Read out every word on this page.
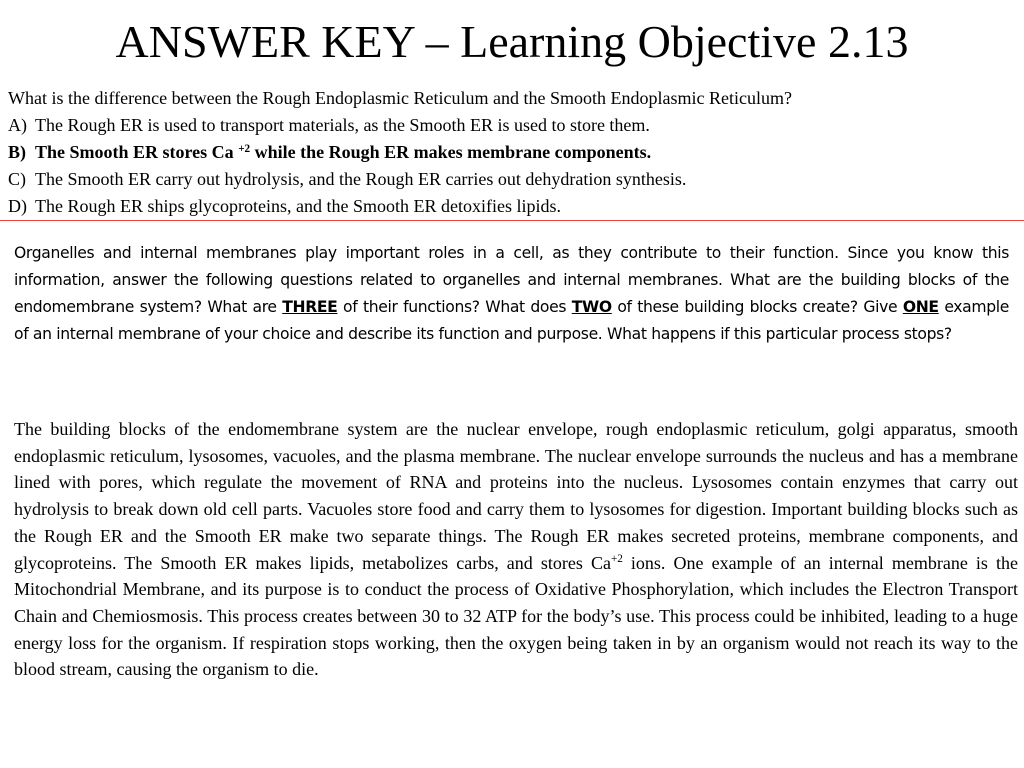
ANSWER KEY – Learning Objective 2.13
What is the difference between the Rough Endoplasmic Reticulum and the Smooth Endoplasmic Reticulum?
A) The Rough ER is used to transport materials, as the Smooth ER is used to store them.
B) The Smooth ER stores Ca $^{+2}$ while the Rough ER makes membrane components.
C) The Smooth ER carry out hydrolysis, and the Rough ER carries out dehydration synthesis.
D) The Rough ER ships glycoproteins, and the Smooth ER detoxifies lipids.
Organelles and internal membranes play important roles in a cell, as they contribute to their function. Since you know this information, answer the following questions related to organelles and internal membranes. What are the building blocks of the endomembrane system? What are THREE of their functions? What does TWO of these building blocks create? Give ONE example of an internal membrane of your choice and describe its function and purpose. What happens if this particular process stops?
The building blocks of the endomembrane system are the nuclear envelope, rough endoplasmic reticulum, golgi apparatus, smooth endoplasmic reticulum, lysosomes, vacuoles, and the plasma membrane. The nuclear envelope surrounds the nucleus and has a membrane lined with pores, which regulate the movement of RNA and proteins into the nucleus. Lysosomes contain enzymes that carry out hydrolysis to break down old cell parts. Vacuoles store food and carry them to lysosomes for digestion. Important building blocks such as the Rough ER and the Smooth ER make two separate things. The Rough ER makes secreted proteins, membrane components, and glycoproteins. The Smooth ER makes lipids, metabolizes carbs, and stores $Ca^{+2}$ ions. One example of an internal membrane is the Mitochondrial Membrane, and its purpose is to conduct the process of Oxidative Phosphorylation, which includes the Electron Transport Chain and Chemiosmosis. This process creates between 30 to 32 ATP for the body’s use. This process could be inhibited, leading to a huge energy loss for the organism. If respiration stops working, then the oxygen being taken in by an organism would not reach its way to the blood stream, causing the organism to die.
